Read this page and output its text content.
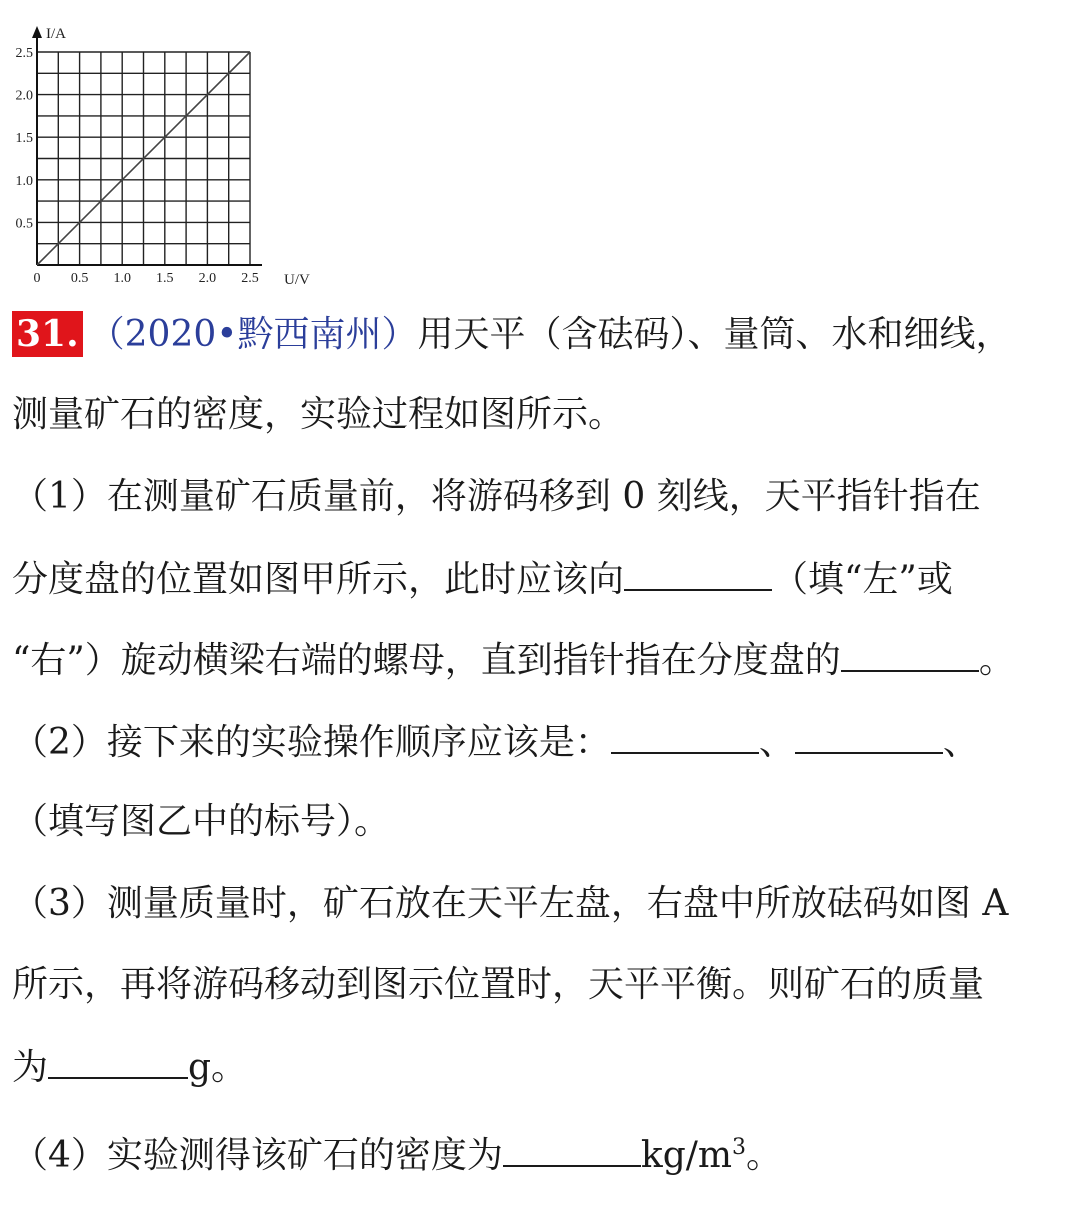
0 0.5 1.0 1.5 2.0 2.5
0.5
1.0
1.5
2.0
2.5
I/A
U/V
31. （2020•黔西南州）用天平（含砝码）、量筒、水和细线，
测量矿石的密度，实验过程如图所示。
（1）在测量矿石质量前，将游码移到 0 刻线，天平指针指在
分度盘的位置如图甲所示，此时应该向	（填“左”或
“右”）旋动横梁右端的螺母，直到指针指在分度盘的	。
（2）接下来的实验操作顺序应该是：	、	、
（填写图乙中的标号）。
（3）测量质量时，矿石放在天平左盘，右盘中所放砝码如图 A
所示，再将游码移动到图示位置时，天平平衡。则矿石的质量
为	g。
（4）实验测得该矿石的密度为	$kg/m^3$。
